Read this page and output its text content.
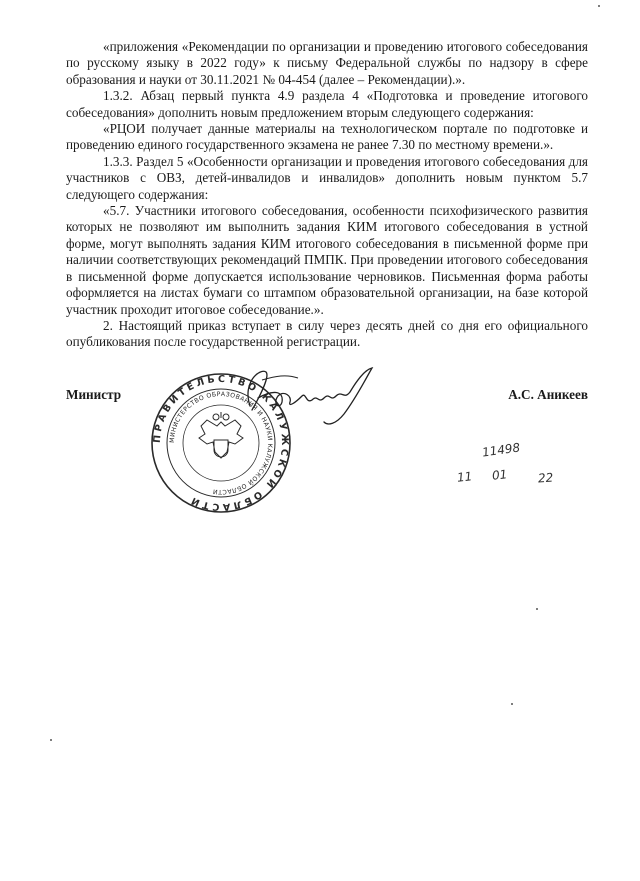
«приложения «Рекомендации по организации и проведению итогового собеседования по русскому языку в 2022 году» к письму Федеральной службы по надзору в сфере образования и науки от 30.11.2021 № 04-454 (далее – Рекомендации).».

1.3.2. Абзац первый пункта 4.9 раздела 4 «Подготовка и проведение итогового собеседования» дополнить новым предложением вторым следующего содержания:

«РЦОИ получает данные материалы на технологическом портале по подготовке и проведению единого государственного экзамена не ранее 7.30 по местному времени.».

1.3.3. Раздел 5 «Особенности организации и проведения итогового собеседования для участников с ОВЗ, детей-инвалидов и инвалидов» дополнить новым пунктом 5.7 следующего содержания:

«5.7. Участники итогового собеседования, особенности психофизического развития которых не позволяют им выполнить задания КИМ итогового собеседования в устной форме, могут выполнять задания КИМ итогового собеседования в письменной форме при наличии соответствующих рекомендаций ПМПК. При проведении итогового собеседования в письменной форме допускается использование черновиков. Письменная форма работы оформляется на листах бумаги со штампом образовательной организации, на базе которой участник проходит итоговое собеседование.».

2. Настоящий приказ вступает в силу через десять дней со дня его официального опубликования после государственной регистрации.

ПРАВИТЕЛЬСТВО КАЛУЖСКОЙ ОБЛАСТИ
МИНИСТЕРСТВО ОБРАЗОВАНИЯ И НАУКИ КАЛУЖСКОЙ ОБЛАСТИ
Министр	А.С. Аникеев
11498
11 01 22
